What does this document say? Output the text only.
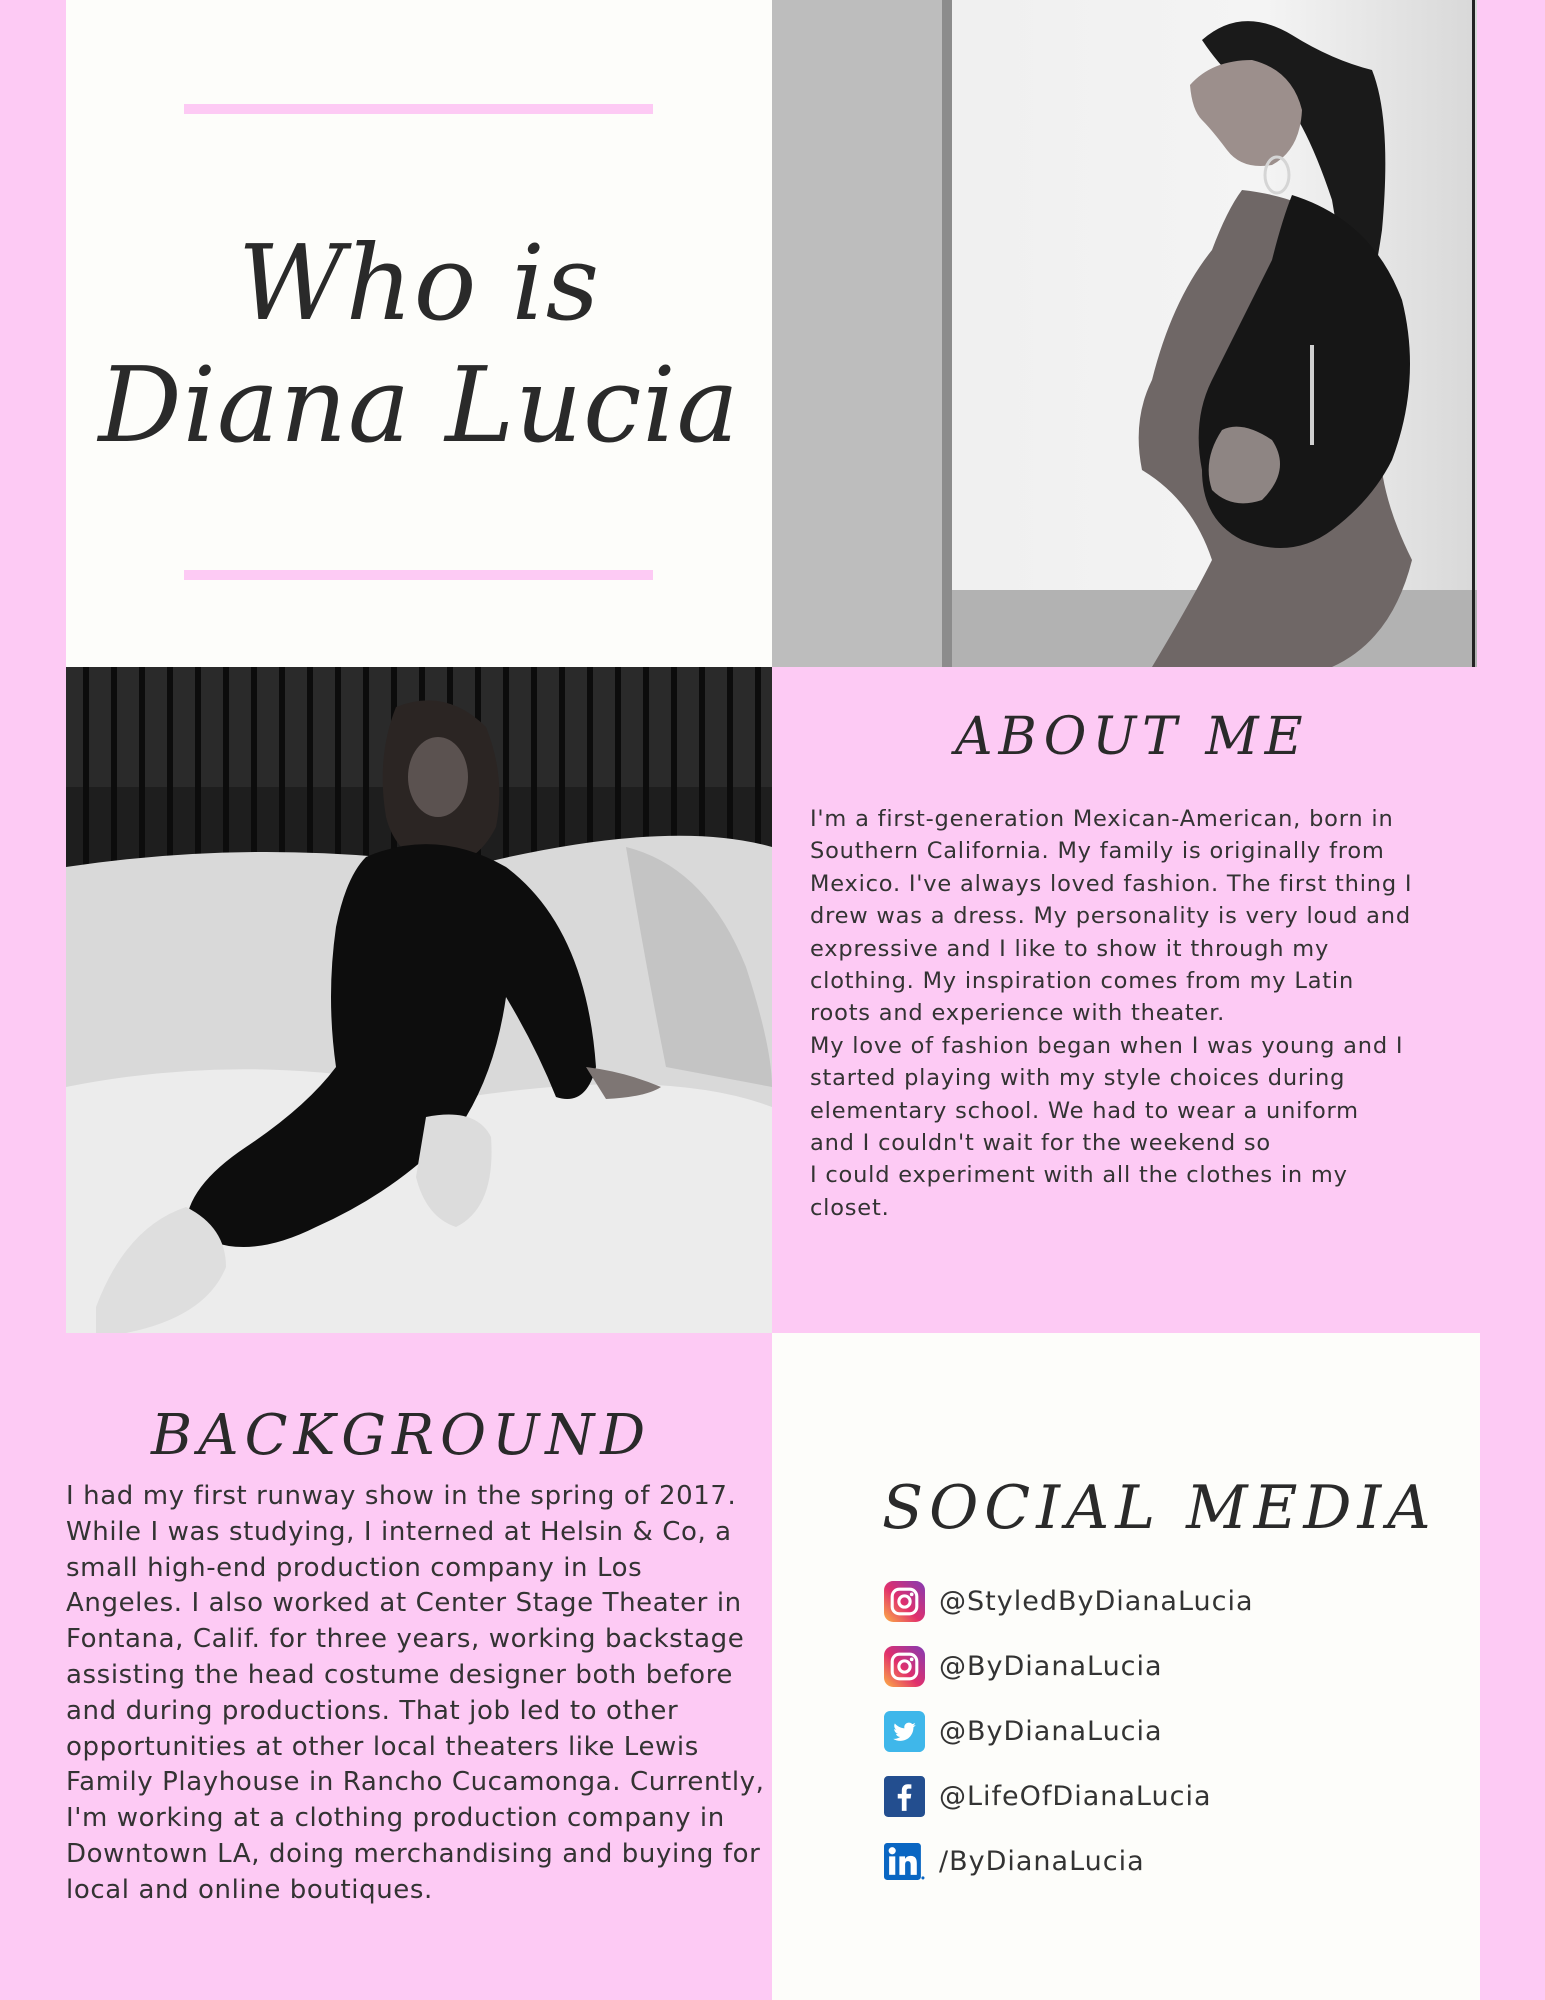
Who is
Diana Lucia
ABOUT ME

I'm a first-generation Mexican-American, born in
Southern California. My family is originally from
Mexico. I've always loved fashion. The first thing I
drew was a dress. My personality is very loud and
expressive and I like to show it through my
clothing. My inspiration comes from my Latin
roots and experience with theater.
My love of fashion began when I was young and I
started playing with my style choices during
elementary school. We had to wear a uniform
and I couldn't wait for the weekend so
I could experiment with all the clothes in my
closet.

BACKGROUND

I had my first runway show in the spring of 2017. While I was studying, I interned at Helsin & Co, a small high-end production company in Los Angeles. I also worked at Center Stage Theater in Fontana, Calif. for three years, working backstage assisting the head costume designer both before and during productions. That job led to other opportunities at other local theaters like Lewis Family Playhouse in Rancho Cucamonga. Currently, I'm working at a clothing production company in Downtown LA, doing merchandising and buying for local and online boutiques.

SOCIAL MEDIA
@StyledByDianaLucia
@ByDianaLucia
@ByDianaLucia
@LifeOfDianaLucia
/ByDianaLucia
